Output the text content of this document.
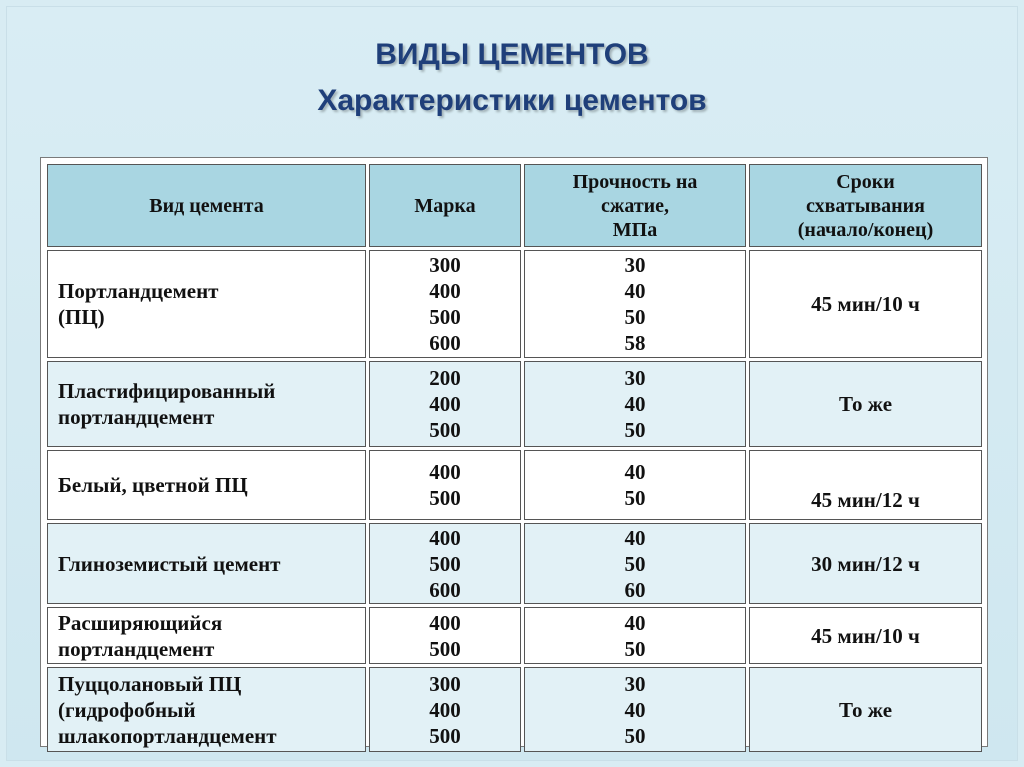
ВИДЫ ЦЕМЕНТОВ
Характеристики цементов
Вид цемента	Марка	Прочность на
сжатие,
МПа	Сроки
схватывания
(начало/конец)

Портландцемент
(ПЦ)	300
400
500
600	30
40
50
58	45 мин/10 ч

Пластифицированный
портландцемент	200
400
500	30
40
50	То же

Белый, цветной ПЦ	400
500	40
50	45 мин/12 ч

Глиноземистый цемент	400
500
600	40
50
60	30 мин/12 ч

Расширяющийся
портландцемент	400
500	40
50	45 мин/10 ч

Пуццолановый ПЦ
(гидрофобный
шлакопортландцемент	300
400
500	30
40
50	То же
